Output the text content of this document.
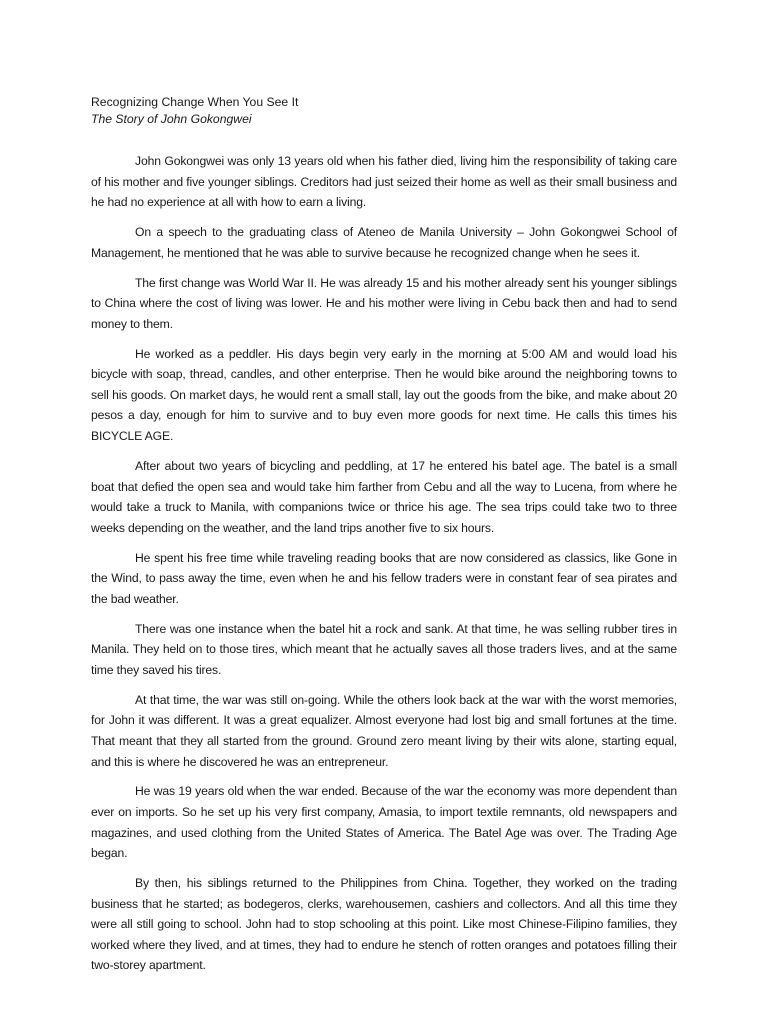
Recognizing Change When You See It
The Story of John Gokongwei

John Gokongwei was only 13 years old when his father died, living him the responsibility of taking care of his mother and five younger siblings. Creditors had just seized their home as well as their small business and he had no experience at all with how to earn a living.

On a speech to the graduating class of Ateneo de Manila University – John Gokongwei School of Management, he mentioned that he was able to survive because he recognized change when he sees it.

The first change was World War II. He was already 15 and his mother already sent his younger siblings to China where the cost of living was lower. He and his mother were living in Cebu back then and had to send money to them.

He worked as a peddler. His days begin very early in the morning at 5:00 AM and would load his bicycle with soap, thread, candles, and other enterprise. Then he would bike around the neighboring towns to sell his goods. On market days, he would rent a small stall, lay out the goods from the bike, and make about 20 pesos a day, enough for him to survive and to buy even more goods for next time. He calls this times his BICYCLE AGE.

After about two years of bicycling and peddling, at 17 he entered his batel age. The batel is a small boat that defied the open sea and would take him farther from Cebu and all the way to Lucena, from where he would take a truck to Manila, with companions twice or thrice his age. The sea trips could take two to three weeks depending on the weather, and the land trips another five to six hours.

He spent his free time while traveling reading books that are now considered as classics, like Gone in the Wind, to pass away the time, even when he and his fellow traders were in constant fear of sea pirates and the bad weather.

There was one instance when the batel hit a rock and sank. At that time, he was selling rubber tires in Manila. They held on to those tires, which meant that he actually saves all those traders lives, and at the same time they saved his tires.

At that time, the war was still on-going. While the others look back at the war with the worst memories, for John it was different. It was a great equalizer. Almost everyone had lost big and small fortunes at the time. That meant that they all started from the ground. Ground zero meant living by their wits alone, starting equal, and this is where he discovered he was an entrepreneur.

He was 19 years old when the war ended. Because of the war the economy was more dependent than ever on imports. So he set up his very first company, Amasia, to import textile remnants, old newspapers and magazines, and used clothing from the United States of America. The Batel Age was over. The Trading Age began.

By then, his siblings returned to the Philippines from China. Together, they worked on the trading business that he started; as bodegeros, clerks, warehousemen, cashiers and collectors. And all this time they were all still going to school. John had to stop schooling at this point. Like most Chinese-Filipino families, they worked where they lived, and at times, they had to endure he stench of rotten oranges and potatoes filling their two-storey apartment.
